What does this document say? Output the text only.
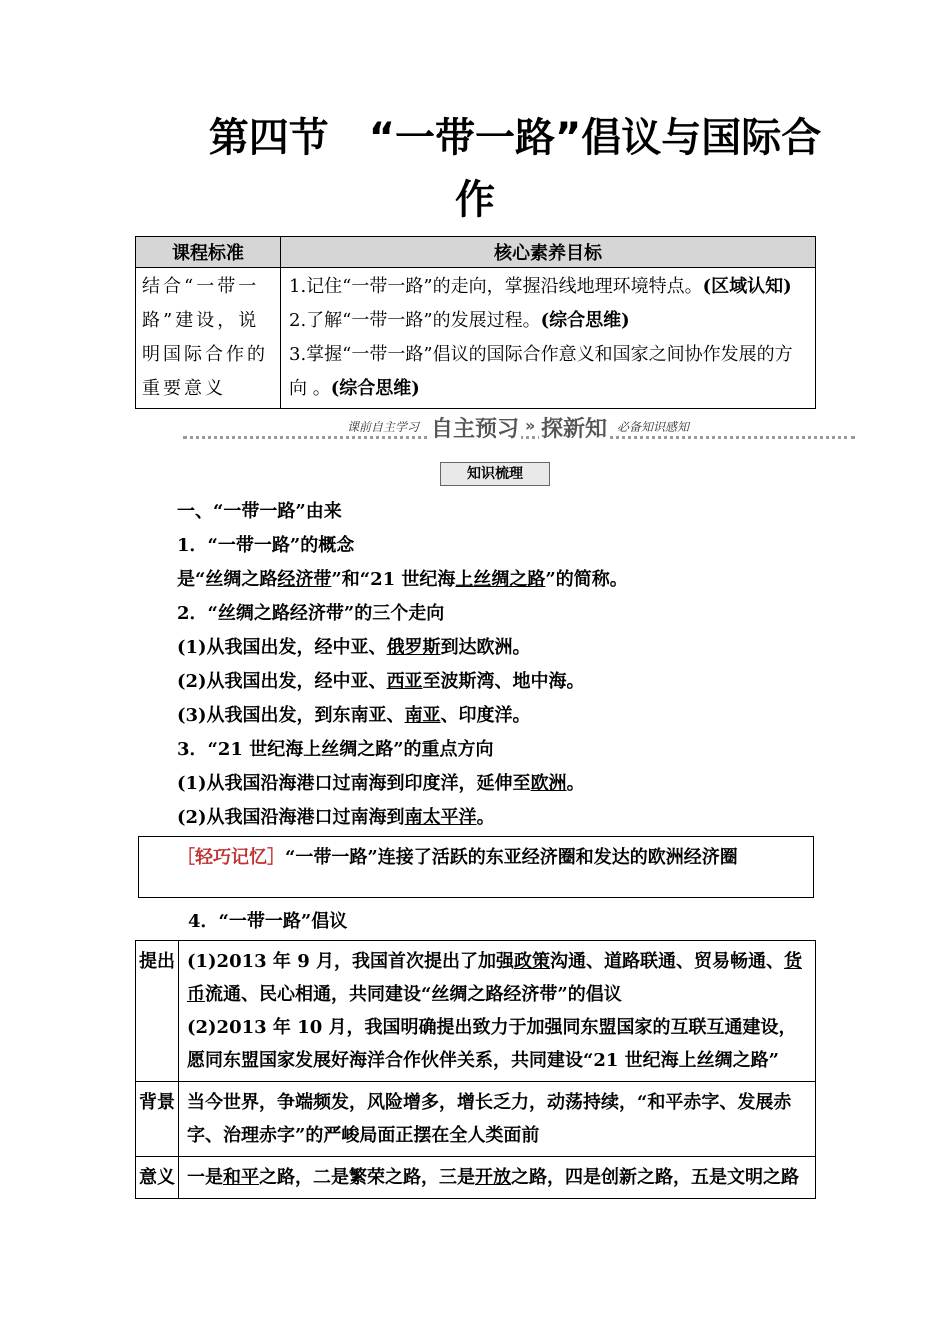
第四节　“一带一路”倡议与国际合
作
课程标准	核心素养目标
结合“一带一路”建设，说明国际合作的重要意义	1.记住“一带一路”的走向，掌握沿线地理环境特点。(区域认知)
2.了解“一带一路”的发展过程。(综合思维)
3.掌握“一带一路”倡议的国际合作意义和国家之间协作发展的方向 。(综合思维)
课前自主学习 自主预习 » 探新知 必备知识感知
知识梳理
一、“一带一路”由来
1．“一带一路”的概念
是“丝绸之路经济带”和“21 世纪海上丝绸之路”的简称。
2．“丝绸之路经济带”的三个走向
(1)从我国出发，经中亚、俄罗斯到达欧洲。
(2)从我国出发，经中亚、西亚至波斯湾、地中海。
(3)从我国出发，到东南亚、南亚、印度洋。
3．“21 世纪海上丝绸之路”的重点方向
(1)从我国沿海港口过南海到印度洋，延伸至欧洲。
(2)从我国沿海港口过南海到南太平洋。
［轻巧记忆］“一带一路”连接了活跃的东亚经济圈和发达的欧洲经济圈
4．“一带一路”倡议
提出	(1)2013 年 9 月，我国首次提出了加强政策沟通、道路联通、贸易畅通、货币流通、民心相通，共同建设“丝绸之路经济带”的倡议
(2)2013 年 10 月，我国明确提出致力于加强同东盟国家的互联互通建设，愿同东盟国家发展好海洋合作伙伴关系，共同建设“21 世纪海上丝绸之路”

背景	当今世界，争端频发，风险增多，增长乏力，动荡持续，“和平赤字、发展赤字、治理赤字”的严峻局面正摆在全人类面前
意义	一是和平之路，二是繁荣之路，三是开放之路，四是创新之路，五是文明之路
